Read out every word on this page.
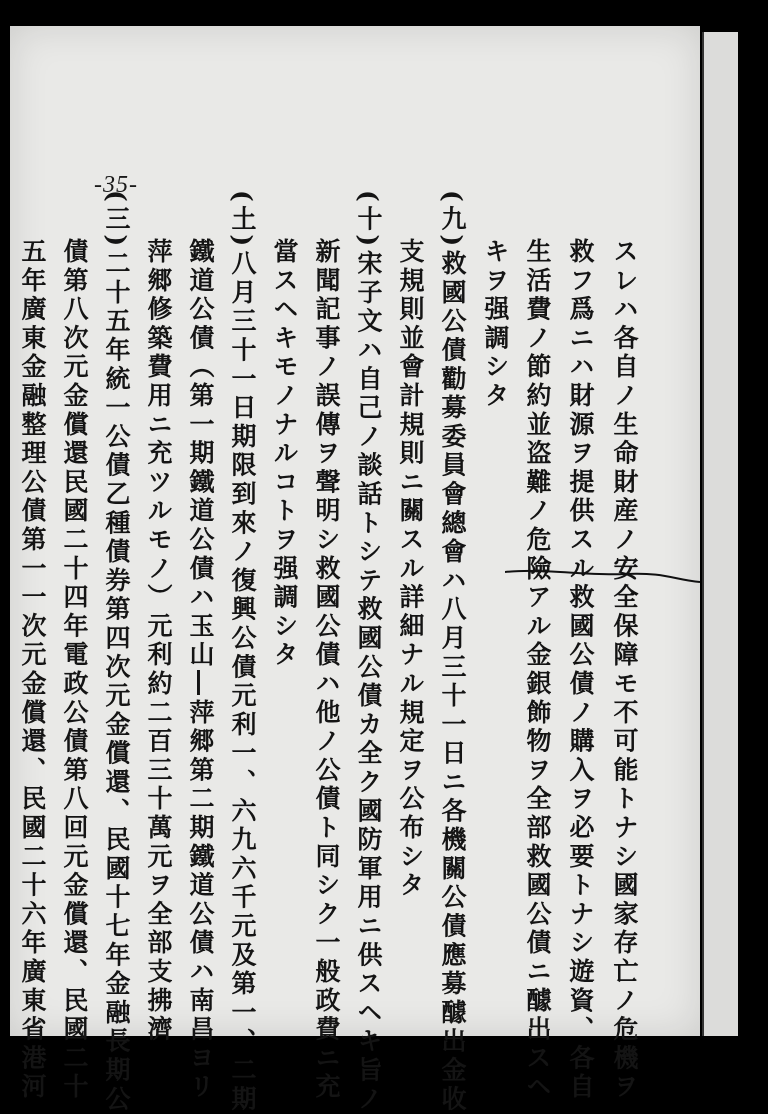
-35-
スレハ各自ノ生命財産ノ安全保障モ不可能トナシ國家存亡ノ危機ヲ
救フ爲ニハ財源ヲ提供スル救國公債ノ購入ヲ必要トナシ遊資、各自
生活費ノ節約並盗難ノ危險アル金銀飾物ヲ全部救國公債ニ醵出スヘ
キヲ强調シタ
(九)救國公債勸募委員會總會ハ八月三十一日ニ各機關公債應募醵出金收
支規則並會計規則ニ關スル詳細ナル規定ヲ公布シタ
(十)宋子文ハ自己ノ談話トシテ救國公債カ全ク國防軍用ニ供スヘキ旨ノ
新聞記事ノ誤傳ヲ聲明シ救國公債ハ他ノ公債ト同シク一般政費ニ充
當スヘキモノナルコトヲ强調シタ
(土)八月三十一日期限到來ノ復興公債元利一、六九六千元及第一、二期
鐵道公債（第一期鐵道公債ハ玉山―萍郷第二期鐵道公債ハ南昌ヨリ
萍郷修築費用ニ充ツルモノ）元利約二百三十萬元ヲ全部支拂濟
(三)二十五年統一公債乙種債券第四次元金償還、民國十七年金融長期公
債第八次元金償還民國二十四年電政公債第八回元金償還、民國二十
五年廣東金融整理公債第一一次元金償還、民國二十六年廣東省港河
